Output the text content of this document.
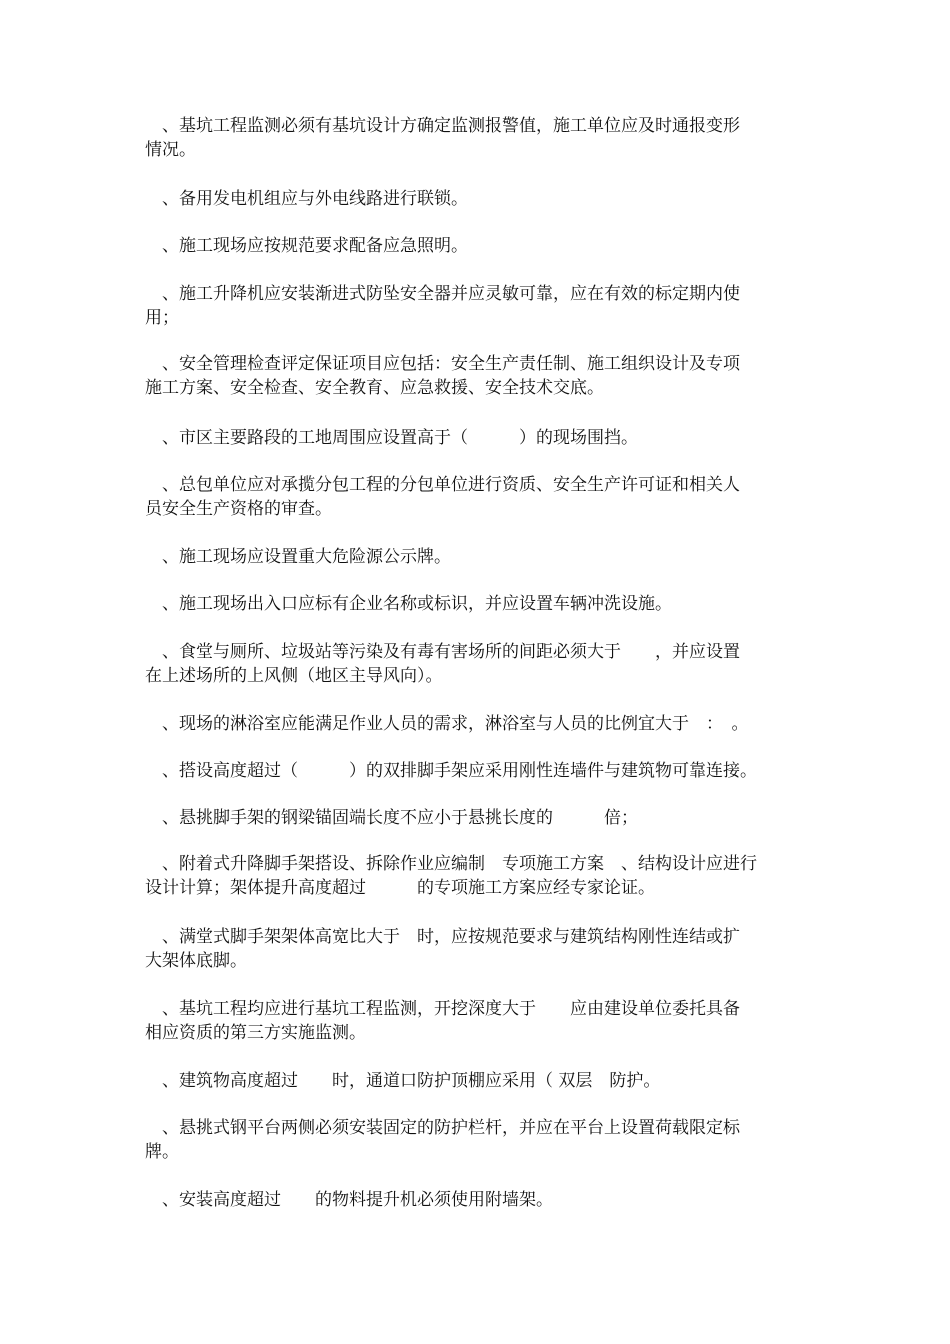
　、基坑工程监测必须有基坑设计方确定监测报警值，施工单位应及时通报变形
情况。

　、备用发电机组应与外电线路进行联锁。

　、施工现场应按规范要求配备应急照明。

　、施工升降机应安装渐进式防坠安全器并应灵敏可靠，应在有效的标定期内使
用；

　、安全管理检查评定保证项目应包括：安全生产责任制、施工组织设计及专项
施工方案、安全检查、安全教育、应急救援、安全技术交底。

　、市区主要路段的工地周围应设置高于（　　　）的现场围挡。

　、总包单位应对承揽分包工程的分包单位进行资质、安全生产许可证和相关人
员安全生产资格的审查。

　、施工现场应设置重大危险源公示牌。

　、施工现场出入口应标有企业名称或标识，并应设置车辆冲洗设施。

　、食堂与厕所、垃圾站等污染及有毒有害场所的间距必须大于　　，并应设置
在上述场所的上风侧（地区主导风向）。

　、现场的淋浴室应能满足作业人员的需求，淋浴室与人员的比例宜大于　：　。

　、搭设高度超过（　　　）的双排脚手架应采用刚性连墙件与建筑物可靠连接。

　、悬挑脚手架的钢梁锚固端长度不应小于悬挑长度的　　　倍；

　、附着式升降脚手架搭设、拆除作业应编制　专项施工方案　、结构设计应进行
设计计算；架体提升高度超过　　　的专项施工方案应经专家论证。

　、满堂式脚手架架体高宽比大于　时，应按规范要求与建筑结构刚性连结或扩
大架体底脚。

　、基坑工程均应进行基坑工程监测，开挖深度大于　　应由建设单位委托具备
相应资质的第三方实施监测。

　、建筑物高度超过　　时，通道口防护顶棚应采用（ 双层　防护。

　、悬挑式钢平台两侧必须安装固定的防护栏杆，并应在平台上设置荷载限定标
牌。

　、安装高度超过　　的物料提升机必须使用附墙架。
